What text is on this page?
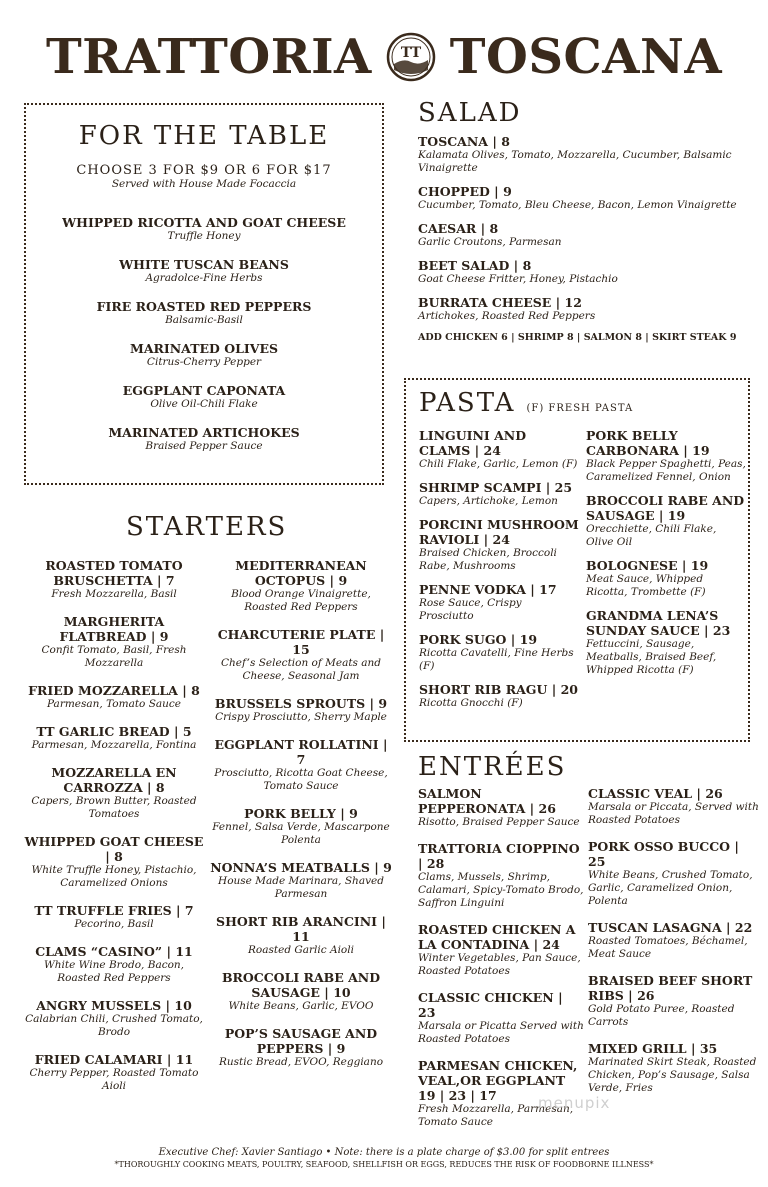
TRATTORIA TT TOSCANA
FOR THE TABLE
CHOOSE 3 FOR $9 OR 6 FOR $17
Served with House Made Focaccia
WHIPPED RICOTTA AND GOAT CHEESE
Truffle Honey
WHITE TUSCAN BEANS
Agradolce-Fine Herbs
FIRE ROASTED RED PEPPERS
Balsamic-Basil
MARINATED OLIVES
Citrus-Cherry Pepper
EGGPLANT CAPONATA
Olive Oil-Chili Flake
MARINATED ARTICHOKES
Braised Pepper Sauce
SALAD
TOSCANA | 8
Kalamata Olives, Tomato, Mozzarella, Cucumber, Balsamic Vinaigrette
CHOPPED | 9
Cucumber, Tomato, Bleu Cheese, Bacon, Lemon Vinaigrette
CAESAR | 8
Garlic Croutons, Parmesan
BEET SALAD | 8
Goat Cheese Fritter, Honey, Pistachio
BURRATA CHEESE | 12
Artichokes, Roasted Red Peppers
ADD CHICKEN 6 | SHRIMP 8 | SALMON 8 | SKIRT STEAK 9
PASTA (F) FRESH PASTA
LINGUINI AND CLAMS | 24
Chili Flake, Garlic, Lemon (F)
SHRIMP SCAMPI | 25
Capers, Artichoke, Lemon
PORCINI MUSHROOM RAVIOLI | 24
Braised Chicken, Broccoli Rabe, Mushrooms
PENNE VODKA | 17
Rose Sauce, Crispy Prosciutto
PORK SUGO | 19
Ricotta Cavatelli, Fine Herbs (F)
SHORT RIB RAGU | 20
Ricotta Gnocchi (F)
PORK BELLY CARBONARA | 19
Black Pepper Spaghetti, Peas, Caramelized Fennel, Onion
BROCCOLI RABE AND SAUSAGE | 19
Orecchiette, Chili Flake, Olive Oil
BOLOGNESE | 19
Meat Sauce, Whipped Ricotta, Trombette (F)
GRANDMA LENA’S SUNDAY SAUCE | 23
Fettuccini, Sausage, Meatballs, Braised Beef, Whipped Ricotta (F)
STARTERS
ROASTED TOMATO BRUSCHETTA | 7
Fresh Mozzarella, Basil
MARGHERITA FLATBREAD | 9
Confit Tomato, Basil, Fresh Mozzarella
FRIED MOZZARELLA | 8
Parmesan, Tomato Sauce
TT GARLIC BREAD | 5
Parmesan, Mozzarella, Fontina
MOZZARELLA EN CARROZZA | 8
Capers, Brown Butter, Roasted Tomatoes
WHIPPED GOAT CHEESE | 8
White Truffle Honey, Pistachio, Caramelized Onions
TT TRUFFLE FRIES | 7
Pecorino, Basil
CLAMS “CASINO” | 11
White Wine Brodo, Bacon, Roasted Red Peppers
ANGRY MUSSELS | 10
Calabrian Chili, Crushed Tomato, Brodo
FRIED CALAMARI | 11
Cherry Pepper, Roasted Tomato Aioli
MEDITERRANEAN OCTOPUS | 9
Blood Orange Vinaigrette, Roasted Red Peppers
CHARCUTERIE PLATE | 15
Chef’s Selection of Meats and Cheese, Seasonal Jam
BRUSSELS SPROUTS | 9
Crispy Prosciutto, Sherry Maple
EGGPLANT ROLLATINI | 7
Prosciutto, Ricotta Goat Cheese, Tomato Sauce
PORK BELLY | 9
Fennel, Salsa Verde, Mascarpone Polenta
NONNA’S MEATBALLS | 9
House Made Marinara, Shaved Parmesan
SHORT RIB ARANCINI | 11
Roasted Garlic Aioli
BROCCOLI RABE AND SAUSAGE | 10
White Beans, Garlic, EVOO
POP’S SAUSAGE AND PEPPERS | 9
Rustic Bread, EVOO, Reggiano
ENTRÉES
SALMON PEPPERONATA | 26
Risotto, Braised Pepper Sauce
TRATTORIA CIOPPINO | 28
Clams, Mussels, Shrimp, Calamari, Spicy-Tomato Brodo, Saffron Linguini
ROASTED CHICKEN A LA CONTADINA | 24
Winter Vegetables, Pan Sauce, Roasted Potatoes
CLASSIC CHICKEN | 23
Marsala or Picatta Served with Roasted Potatoes
PARMESAN CHICKEN, VEAL,OR EGGPLANT 19 | 23 | 17
Fresh Mozzarella, Parmesan, Tomato Sauce
CLASSIC VEAL | 26
Marsala or Piccata, Served with Roasted Potatoes
PORK OSSO BUCCO | 25
White Beans, Crushed Tomato, Garlic, Caramelized Onion, Polenta
TUSCAN LASAGNA | 22
Roasted Tomatoes, Béchamel, Meat Sauce
BRAISED BEEF SHORT RIBS | 26
Gold Potato Puree, Roasted Carrots
MIXED GRILL | 35
Marinated Skirt Steak, Roasted Chicken, Pop’s Sausage, Salsa Verde, Fries
Executive Chef: Xavier Santiago • Note: there is a plate charge of $3.00 for split entrees
*THOROUGHLY COOKING MEATS, POULTRY, SEAFOOD, SHELLFISH OR EGGS, REDUCES THE RISK OF FOODBORNE ILLNESS*
menupix
